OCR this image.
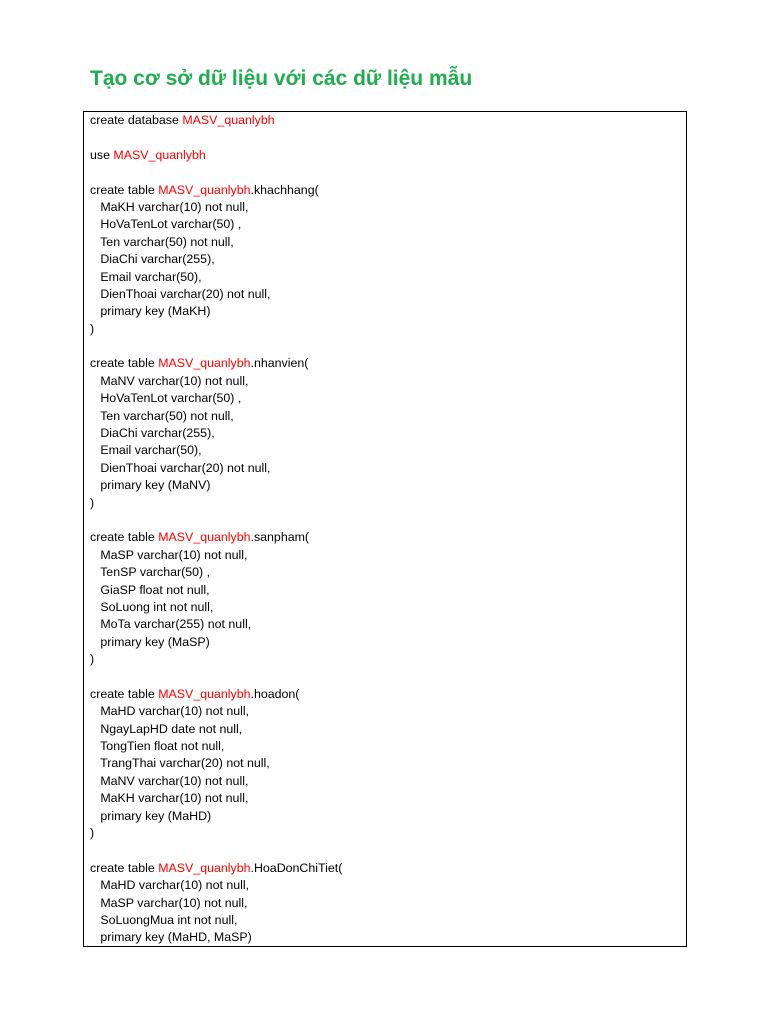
Tạo cơ sở dữ liệu với các dữ liệu mẫu
create database MASV_quanlybh
use MASV_quanlybh
create table MASV_quanlybh.khachhang(
MaKH varchar(10) not null,
HoVaTenLot varchar(50) ,
Ten varchar(50) not null,
DiaChi varchar(255),
Email varchar(50),
DienThoai varchar(20) not null,
primary key (MaKH)
)
create table MASV_quanlybh.nhanvien(
MaNV varchar(10) not null,
HoVaTenLot varchar(50) ,
Ten varchar(50) not null,
DiaChi varchar(255),
Email varchar(50),
DienThoai varchar(20) not null,
primary key (MaNV)
)
create table MASV_quanlybh.sanpham(
MaSP varchar(10) not null,
TenSP varchar(50) ,
GiaSP float not null,
SoLuong int not null,
MoTa varchar(255) not null,
primary key (MaSP)
)
create table MASV_quanlybh.hoadon(
MaHD varchar(10) not null,
NgayLapHD date not null,
TongTien float not null,
TrangThai varchar(20) not null,
MaNV varchar(10) not null,
MaKH varchar(10) not null,
primary key (MaHD)
)
create table MASV_quanlybh.HoaDonChiTiet(
MaHD varchar(10) not null,
MaSP varchar(10) not null,
SoLuongMua int not null,
primary key (MaHD, MaSP)
